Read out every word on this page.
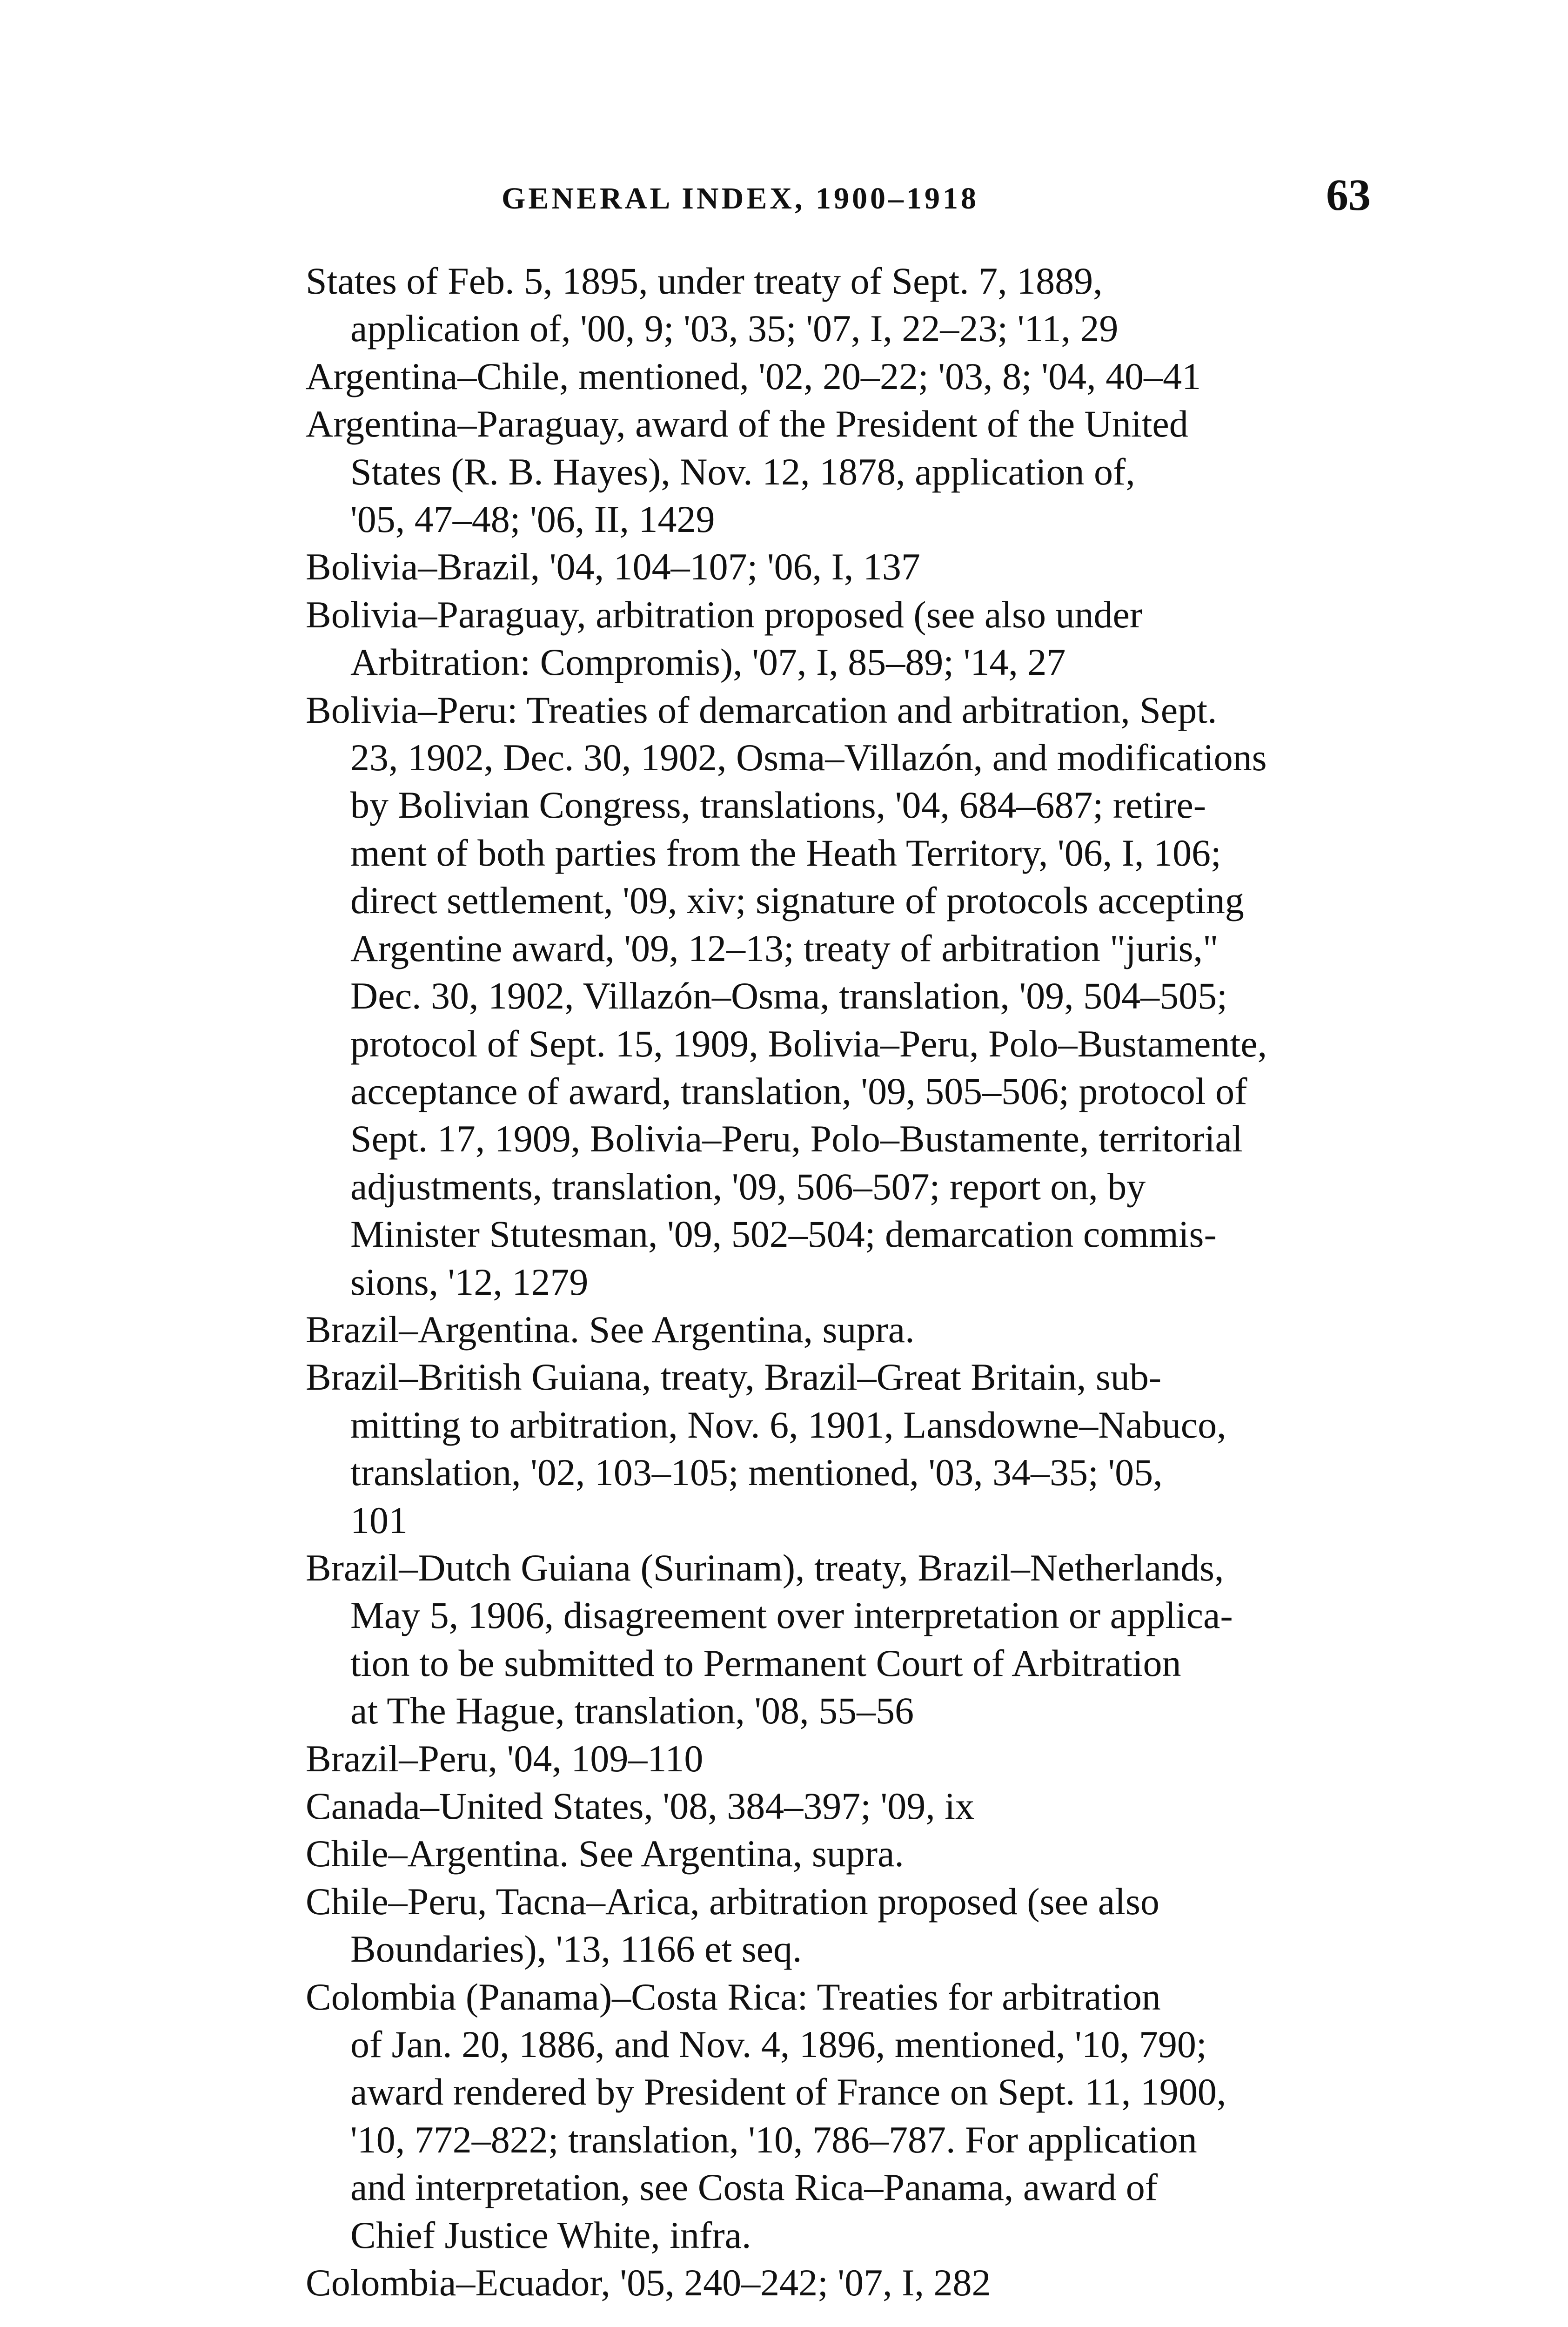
GENERAL INDEX, 1900–1918	63

States of Feb. 5, 1895, under treaty of Sept. 7, 1889,
application of, '00, 9; '03, 35; '07, I, 22–23; '11, 29

Argentina–Chile, mentioned, '02, 20–22; '03, 8; '04, 40–41

Argentina–Paraguay, award of the President of the United
States (R. B. Hayes), Nov. 12, 1878, application of,
'05, 47–48; '06, II, 1429

Bolivia–Brazil, '04, 104–107; '06, I, 137

Bolivia–Paraguay, arbitration proposed (see also under
Arbitration: Compromis), '07, I, 85–89; '14, 27

Bolivia–Peru: Treaties of demarcation and arbitration, Sept.
23, 1902, Dec. 30, 1902, Osma–Villazón, and modifications
by Bolivian Congress, translations, '04, 684–687; retire-
ment of both parties from the Heath Territory, '06, I, 106;
direct settlement, '09, xiv; signature of protocols accepting
Argentine award, '09, 12–13; treaty of arbitration "juris,"
Dec. 30, 1902, Villazón–Osma, translation, '09, 504–505;
protocol of Sept. 15, 1909, Bolivia–Peru, Polo–Bustamente,
acceptance of award, translation, '09, 505–506; protocol of
Sept. 17, 1909, Bolivia–Peru, Polo–Bustamente, territorial
adjustments, translation, '09, 506–507; report on, by
Minister Stutesman, '09, 502–504; demarcation commis-
sions, '12, 1279

Brazil–Argentina. See Argentina, supra.

Brazil–British Guiana, treaty, Brazil–Great Britain, sub-
mitting to arbitration, Nov. 6, 1901, Lansdowne–Nabuco,
translation, '02, 103–105; mentioned, '03, 34–35; '05,
101

Brazil–Dutch Guiana (Surinam), treaty, Brazil–Netherlands,
May 5, 1906, disagreement over interpretation or applica-
tion to be submitted to Permanent Court of Arbitration
at The Hague, translation, '08, 55–56

Brazil–Peru, '04, 109–110

Canada–United States, '08, 384–397; '09, ix

Chile–Argentina. See Argentina, supra.

Chile–Peru, Tacna–Arica, arbitration proposed (see also
Boundaries), '13, 1166 et seq.

Colombia (Panama)–Costa Rica: Treaties for arbitration
of Jan. 20, 1886, and Nov. 4, 1896, mentioned, '10, 790;
award rendered by President of France on Sept. 11, 1900,
'10, 772–822; translation, '10, 786–787. For application
and interpretation, see Costa Rica–Panama, award of
Chief Justice White, infra.

Colombia–Ecuador, '05, 240–242; '07, I, 282
